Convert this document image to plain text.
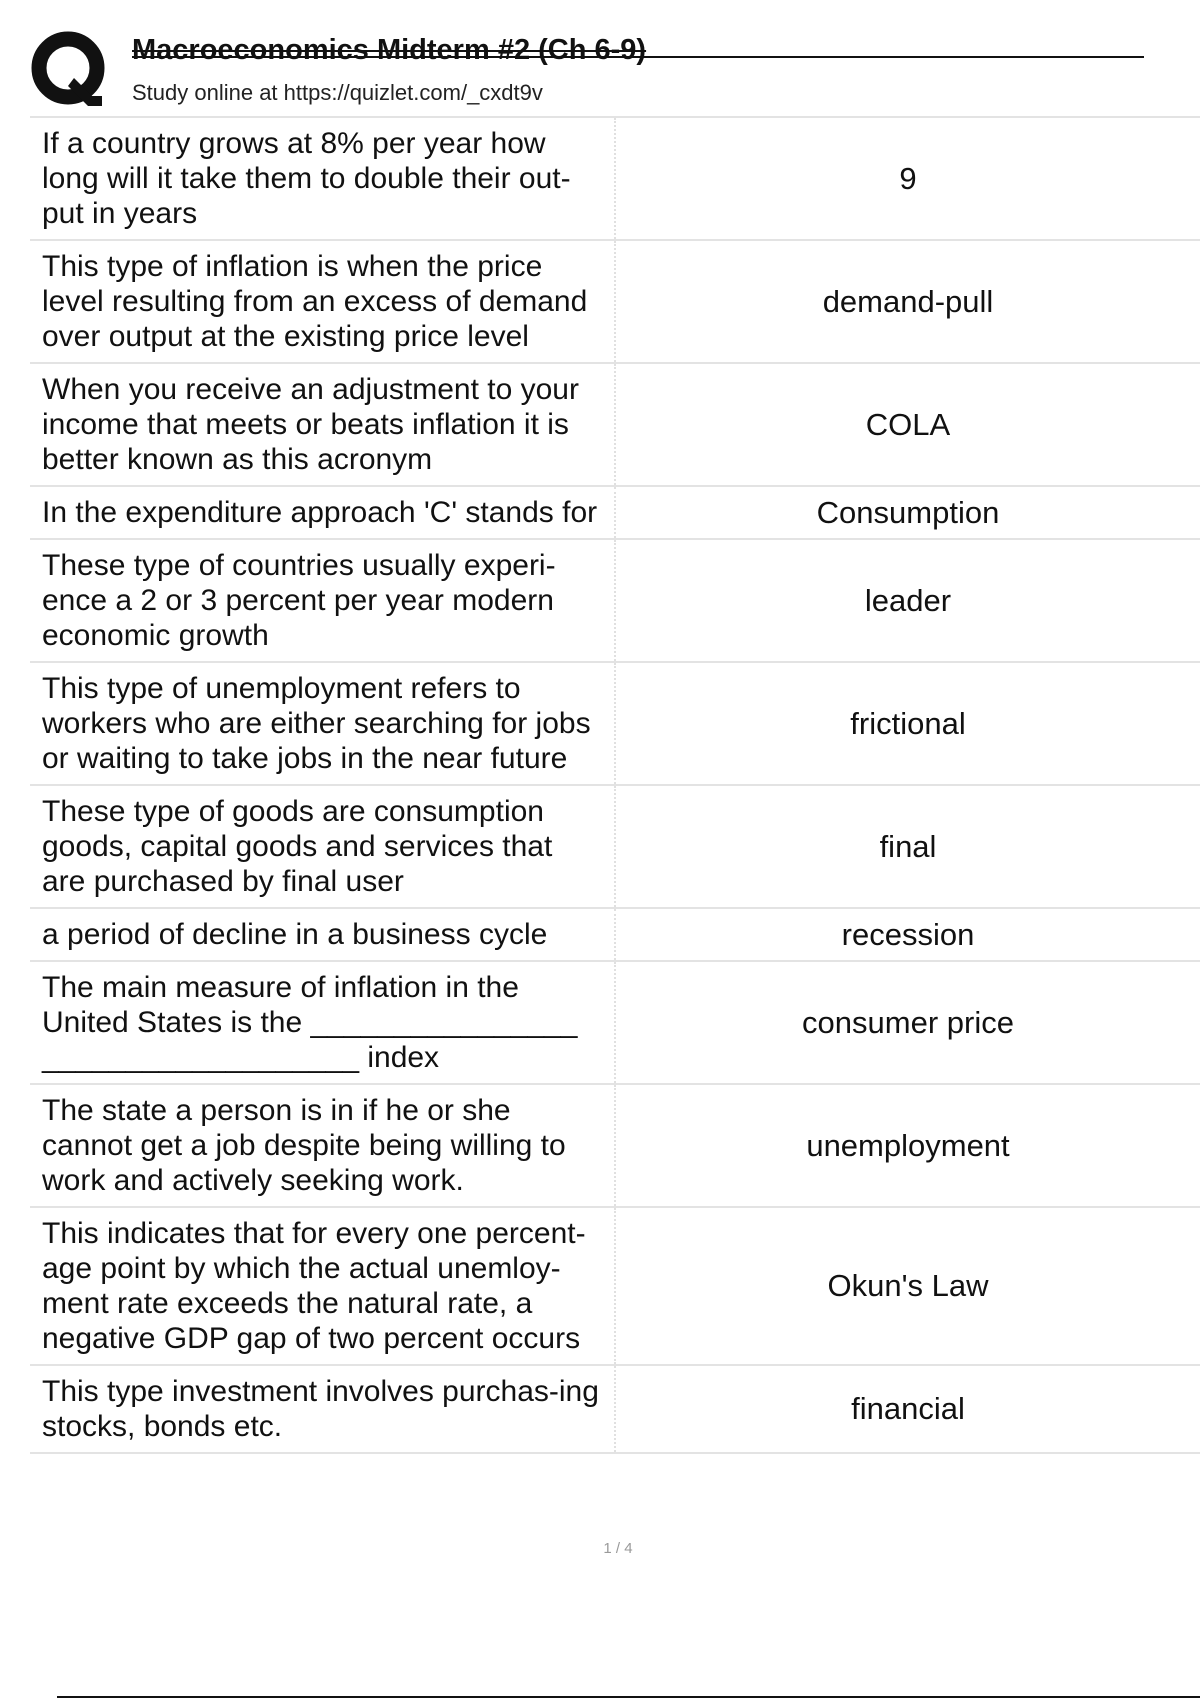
Macroeconomics Midterm #2 (Ch 6-9)
Study online at https://quizlet.com/_cxdt9v
If a country grows at 8% per year how long will it take them to double their out-put in years
9
This type of inflation is when the price level resulting from an excess of demand over output at the existing price level
demand-pull
When you receive an adjustment to your income that meets or beats inflation it is better known as this acronym
COLA
In the expenditure approach 'C' stands for	Consumption
These type of countries usually experi-ence a 2 or 3 percent per year modern economic growth
leader
This type of unemployment refers to workers who are either searching for jobs or waiting to take jobs in the near future
frictional
These type of goods are consumption goods, capital goods and services that are purchased by final user
final
a period of decline in a business cycle	recession
The main measure of inflation in the United States is the ________________ ___________________ index
consumer price
The state a person is in if he or she cannot get a job despite being willing to work and actively seeking work.
unemployment
This indicates that for every one percent-age point by which the actual unemloy-ment rate exceeds the natural rate, a negative GDP gap of two percent occurs
Okun's Law
This type investment involves purchas-ing stocks, bonds etc.
financial
1 / 4
